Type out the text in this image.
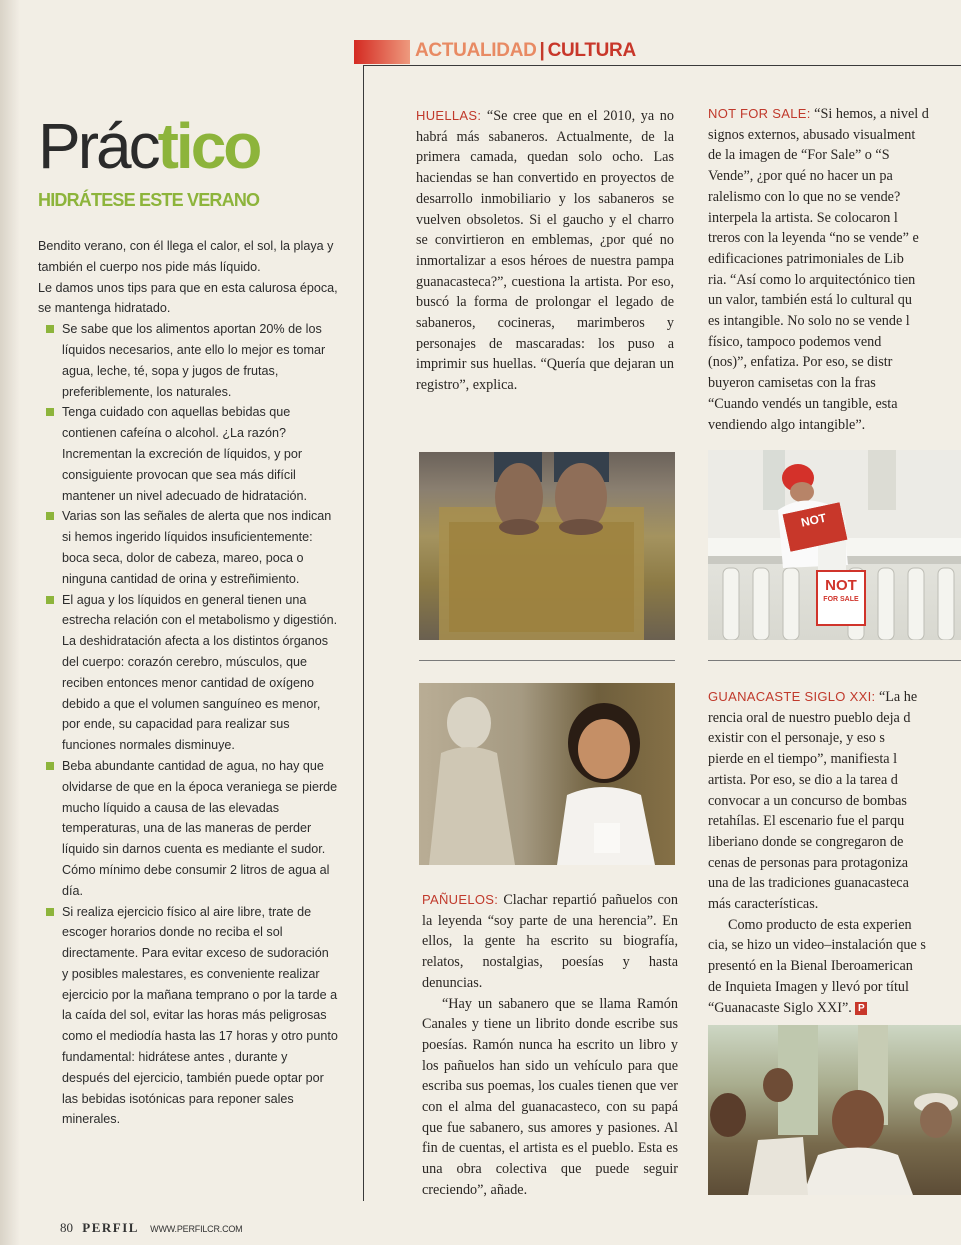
ACTUALIDAD | CULTURA
Práctico
HIDRÁTESE ESTE VERANO

Bendito verano, con él llega el calor, el sol, la playa y también el cuerpo nos pide más líquido.

Le damos unos tips para que en esta calurosa época, se mantenga hidratado.

Se sabe que los alimentos aportan 20% de los líquidos necesarios, ante ello lo mejor es tomar agua, leche, té, sopa y jugos de frutas, preferiblemente, los naturales.
Tenga cuidado con aquellas bebidas que contienen cafeína o alcohol. ¿La razón? Incrementan la excreción de líquidos, y por consiguiente provocan que sea más difícil mantener un nivel adecuado de hidratación.
Varias son las señales de alerta que nos indican si hemos ingerido líquidos insuficientemente: boca seca, dolor de cabeza, mareo, poca o ninguna cantidad de orina y estreñimiento.
El agua y los líquidos en general tienen una estrecha relación con el metabolismo y digestión. La deshidratación afecta a los distintos órganos del cuerpo: corazón cerebro, músculos, que reciben entonces menor cantidad de oxígeno debido a que el volumen sanguíneo es menor, por ende, su capacidad para realizar sus funciones normales disminuye.
Beba abundante cantidad de agua, no hay que olvidarse de que en la época veraniega se pierde mucho líquido a causa de las elevadas temperaturas, una de las maneras de perder líquido sin darnos cuenta es mediante el sudor. Cómo mínimo debe consumir 2 litros de agua al día.
Si realiza ejercicio físico al aire libre, trate de escoger horarios donde no reciba el sol directamente. Para evitar exceso de sudoración y posibles malestares, es conveniente realizar ejercicio por la mañana temprano o por la tarde a la caída del sol, evitar las horas más peligrosas como el mediodía hasta las 17 horas y otro punto fundamental: hidrátese antes , durante y después del ejercicio, también puede optar por las bebidas isotónicas para reponer sales minerales.
80 PERFIL WWW.PERFILCR.COM

HUELLAS: “Se cree que en el 2010, ya no habrá más sabaneros. Actualmente, de la primera camada, quedan solo ocho. Las haciendas se han convertido en proyectos de desarrollo inmobiliario y los sabaneros se vuelven obsoletos. Si el gaucho y el charro se convirtieron en emblemas, ¿por qué no inmortalizar a esos héroes de nuestra pampa guanacasteca?”, cuestiona la artista. Por eso, buscó la forma de prolongar el legado de sabaneros, cocineras, marimberos y personajes de mascaradas: los puso a imprimir sus huellas. “Quería que dejaran un registro”, explica.

PAÑUELOS: Clachar repartió pañuelos con la leyenda “soy parte de una herencia”. En ellos, la gente ha escrito su biografía, relatos, nostalgias, poesías y hasta denuncias.

“Hay un sabanero que se llama Ramón Canales y tiene un librito donde escribe sus poesías. Ramón nunca ha escrito un libro y los pañuelos han sido un vehículo para que escriba sus poemas, los cuales tienen que ver con el alma del guanacasteco, con su papá que fue sabanero, sus amores y pasiones. Al fin de cuentas, el artista es el pueblo. Esta es una obra colectiva que puede seguir creciendo”, añade.

NOT FOR SALE: “Si hemos, a nivel d

signos externos, abusado visualment

de la imagen de “For Sale” o “S

Vende”, ¿por qué no hacer un pa

ralelismo con lo que no se vende?

interpela la artista. Se colocaron l

treros con la leyenda “no se vende” e

edificaciones patrimoniales de Lib

ria. “Así como lo arquitectónico tien

un valor, también está lo cultural qu

es intangible. No solo no se vende l

físico, tampoco podemos vend

(nos)”, enfatiza. Por eso, se distr

buyeron camisetas con la fras

“Cuando vendés un tangible, esta

vendiendo algo intangible”.

NOT
NOT
FOR SALE

GUANACASTE SIGLO XXI: “La he

rencia oral de nuestro pueblo deja d

existir con el personaje, y eso s

pierde en el tiempo”, manifiesta l

artista. Por eso, se dio a la tarea d

convocar a un concurso de bombas

retahílas. El escenario fue el parqu

liberiano donde se congregaron de

cenas de personas para protagoniza

una de las tradiciones guanacasteca

más características.

Como producto de esta experien

cia, se hizo un video–instalación que s

presentó en la Bienal Iberoamerican

de Inquieta Imagen y llevó por títul

“Guanacaste Siglo XXI”. P
